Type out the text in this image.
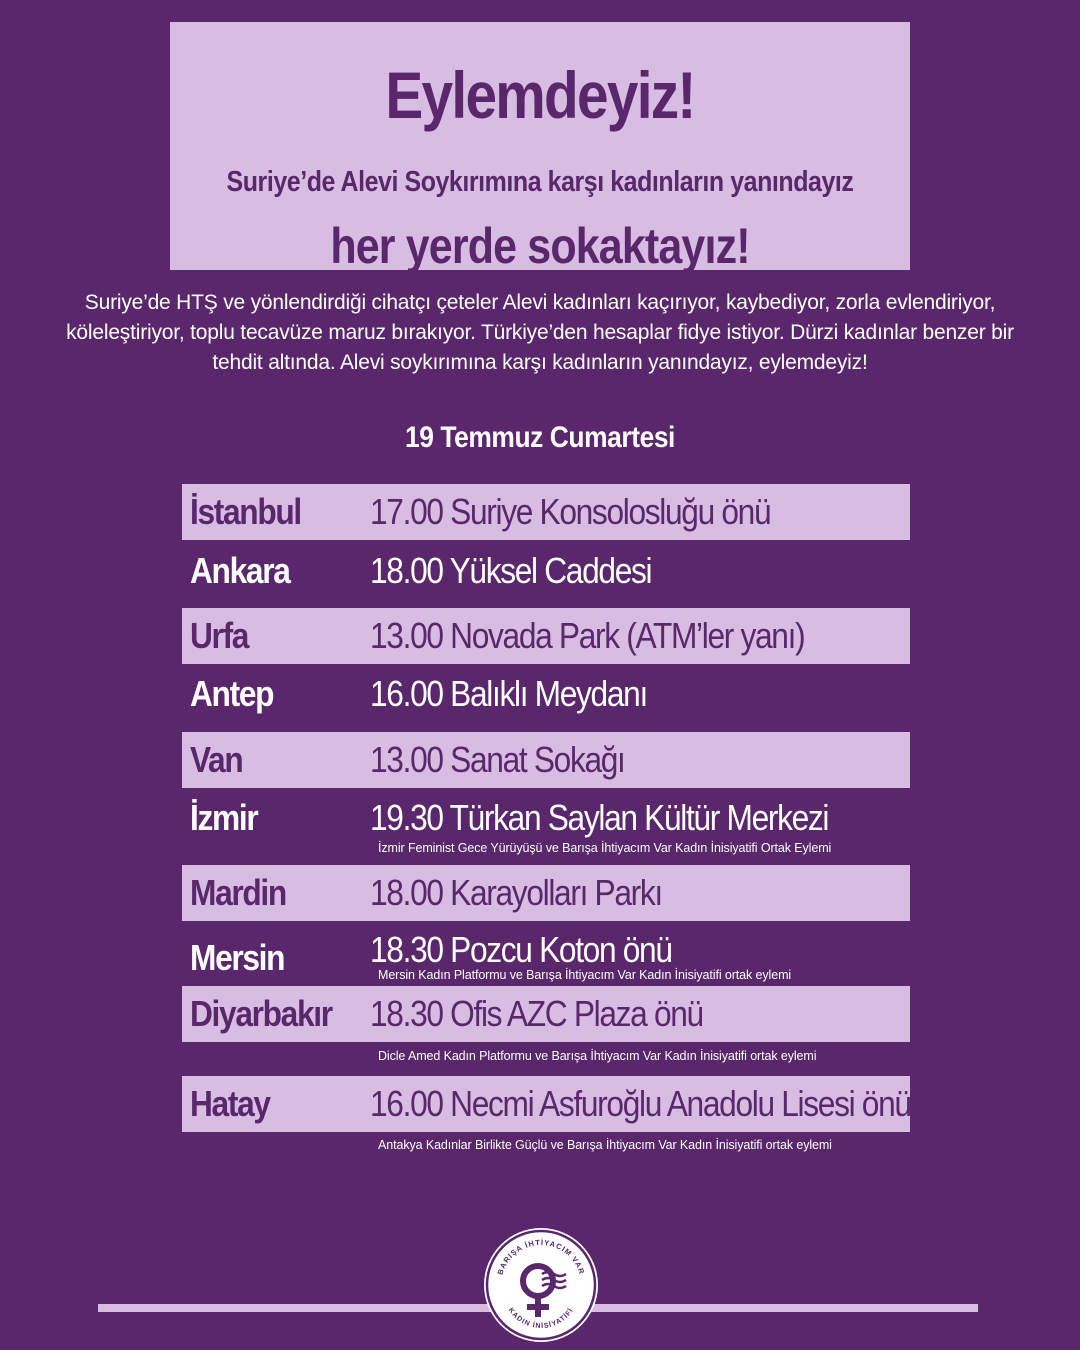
Eylemdeyiz!
Suriye’de Alevi Soykırımına karşı kadınların yanındayız
her yerde sokaktayız!
Suriye’de HTŞ ve yönlendirdiği cihatçı çeteler Alevi kadınları kaçırıyor, kaybediyor, zorla evlendiriyor, köleleştiriyor, toplu tecavüze maruz bırakıyor. Türkiye’den hesaplar fidye istiyor. Dürzi kadınlar benzer bir tehdit altında. Alevi soykırımına karşı kadınların yanındayız, eylemdeyiz!
19 Temmuz Cumartesi
İstanbul	17.00 Suriye Konsolosluğu önü
Ankara	18.00 Yüksel Caddesi
Urfa	13.00 Novada Park (ATM’ler yanı)
Antep	16.00 Balıklı Meydanı
Van	13.00 Sanat Sokağı
İzmir	19.30 Türkan Saylan Kültür Merkezi
İzmir Feminist Gece Yürüyüşü ve Barışa İhtiyacım Var Kadın İnisiyatifi Ortak Eylemi
Mardin	18.00 Karayolları Parkı
Mersin	18.30 Pozcu Koton önü
Mersin Kadın Platformu ve Barışa İhtiyacım Var Kadın İnisiyatifi ortak eylemi
Diyarbakır	18.30 Ofis AZC Plaza önü
Dicle Amed Kadın Platformu ve Barışa İhtiyacım Var Kadın İnisiyatifi ortak eylemi
Hatay	16.00 Necmi Asfuroğlu Anadolu Lisesi önü
Antakya Kadınlar Birlikte Güçlü ve Barışa İhtiyacım Var Kadın İnisiyatifi ortak eylemi
BARIŞA İHTİYACIM VAR
KADIN İNİSİYATİFİ
